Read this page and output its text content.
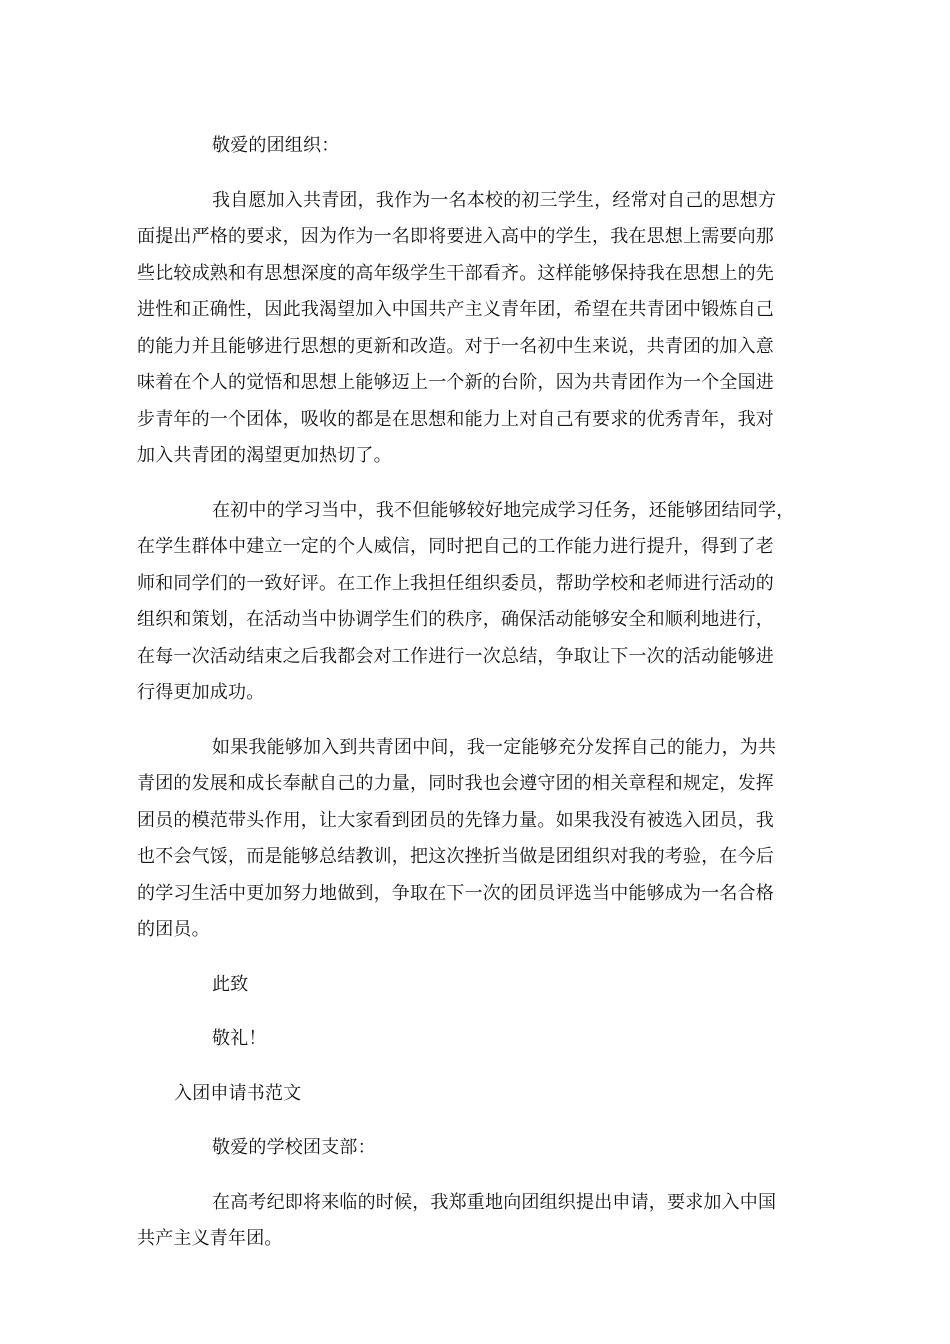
敬爱的团组织：

我自愿加入共青团，我作为一名本校的初三学生，经常对自己的思想方

面提出严格的要求，因为作为一名即将要进入高中的学生，我在思想上需要向那

些比较成熟和有思想深度的高年级学生干部看齐。这样能够保持我在思想上的先

进性和正确性，因此我渴望加入中国共产主义青年团，希望在共青团中锻炼自己

的能力并且能够进行思想的更新和改造。对于一名初中生来说，共青团的加入意

味着在个人的觉悟和思想上能够迈上一个新的台阶，因为共青团作为一个全国进

步青年的一个团体，吸收的都是在思想和能力上对自己有要求的优秀青年，我对

加入共青团的渴望更加热切了。

在初中的学习当中，我不但能够较好地完成学习任务，还能够团结同学，

在学生群体中建立一定的个人威信，同时把自己的工作能力进行提升，得到了老

师和同学们的一致好评。在工作上我担任组织委员，帮助学校和老师进行活动的

组织和策划，在活动当中协调学生们的秩序，确保活动能够安全和顺利地进行，

在每一次活动结束之后我都会对工作进行一次总结，争取让下一次的活动能够进

行得更加成功。

如果我能够加入到共青团中间，我一定能够充分发挥自己的能力，为共

青团的发展和成长奉献自己的力量，同时我也会遵守团的相关章程和规定，发挥

团员的模范带头作用，让大家看到团员的先锋力量。如果我没有被选入团员，我

也不会气馁，而是能够总结教训，把这次挫折当做是团组织对我的考验，在今后

的学习生活中更加努力地做到，争取在下一次的团员评选当中能够成为一名合格

的团员。

此致

敬礼！

入团申请书范文

敬爱的学校团支部：

在高考纪即将来临的时候，我郑重地向团组织提出申请，要求加入中国

共产主义青年团。
